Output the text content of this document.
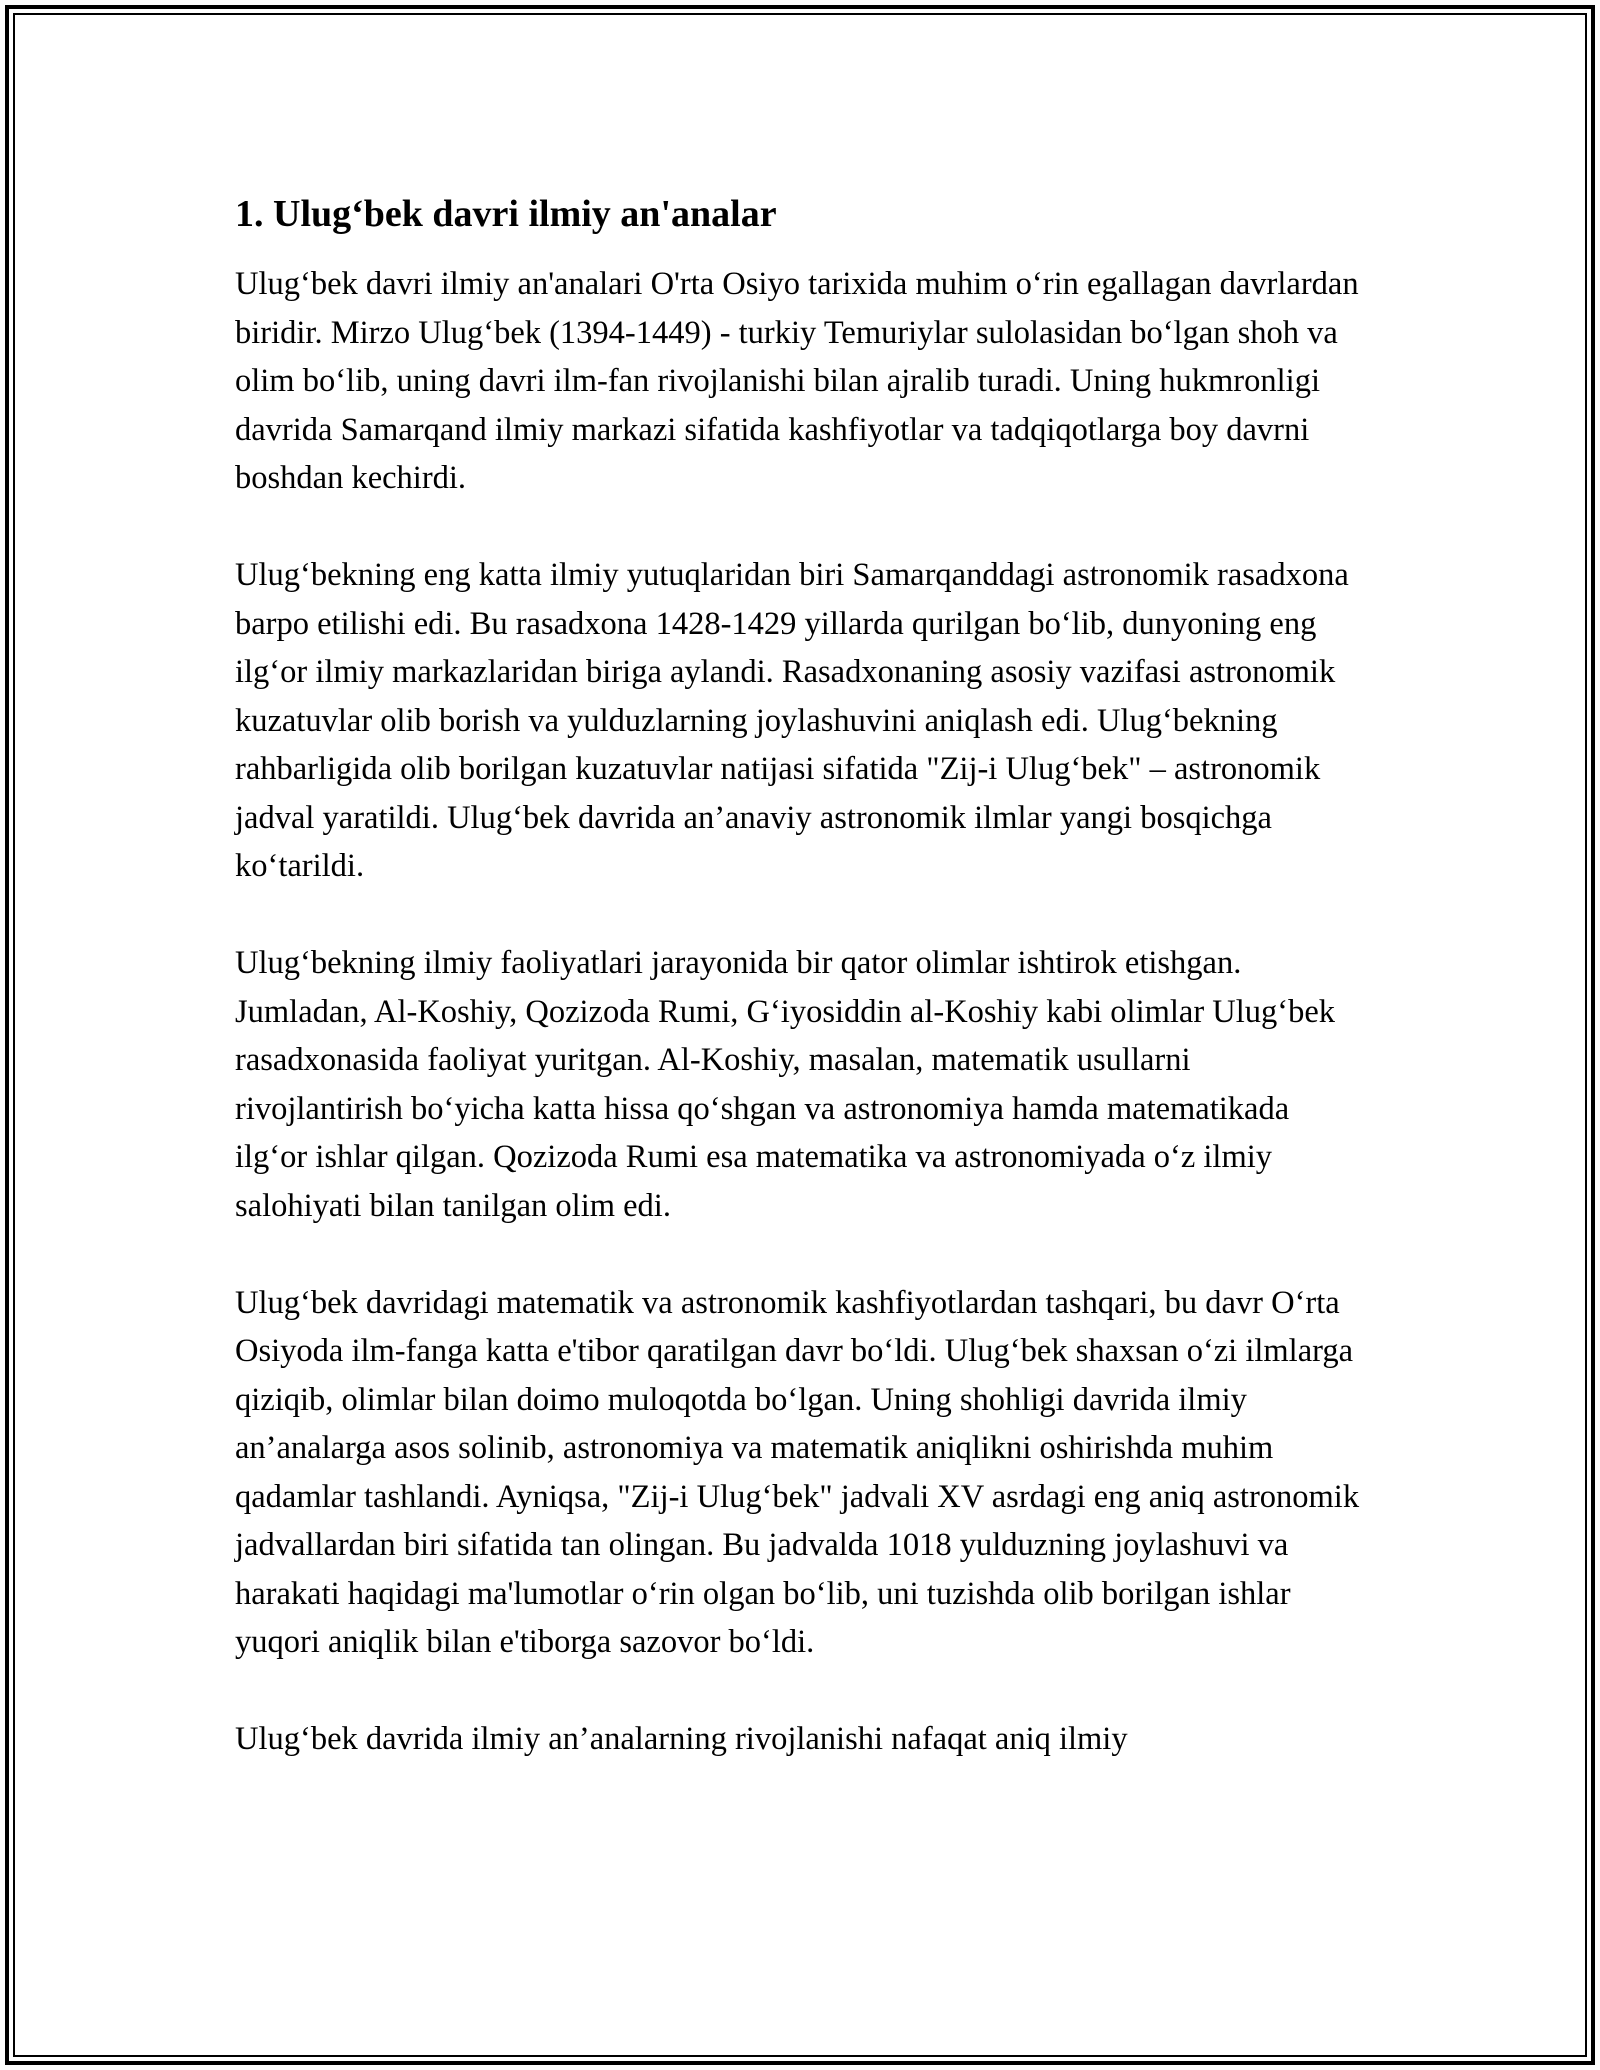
1. Ulug‘bek davri ilmiy an'analar

Ulug‘bek davri ilmiy an'analari O'rta Osiyo tarixida muhim o‘rin egallagan davrlardan biridir. Mirzo Ulug‘bek (1394-1449) - turkiy Temuriylar sulolasidan bo‘lgan shoh va olim bo‘lib, uning davri ilm-fan rivojlanishi bilan ajralib turadi. Uning hukmronligi davrida Samarqand ilmiy markazi sifatida kashfiyotlar va tadqiqotlarga boy davrni boshdan kechirdi.

Ulug‘bekning eng katta ilmiy yutuqlaridan biri Samarqanddagi astronomik rasadxona barpo etilishi edi. Bu rasadxona 1428-1429 yillarda qurilgan bo‘lib, dunyoning eng ilg‘or ilmiy markazlaridan biriga aylandi. Rasadxonaning asosiy vazifasi astronomik kuzatuvlar olib borish va yulduzlarning joylashuvini aniqlash edi. Ulug‘bekning rahbarligida olib borilgan kuzatuvlar natijasi sifatida "Zij-i Ulug‘bek" – astronomik jadval yaratildi. Ulug‘bek davrida an’anaviy astronomik ilmlar yangi bosqichga ko‘tarildi.

Ulug‘bekning ilmiy faoliyatlari jarayonida bir qator olimlar ishtirok etishgan. Jumladan, Al-Koshiy, Qozizoda Rumi, G‘iyosiddin al-Koshiy kabi olimlar Ulug‘bek rasadxonasida faoliyat yuritgan. Al-Koshiy, masalan, matematik usullarni rivojlantirish bo‘yicha katta hissa qo‘shgan va astronomiya hamda matematikada ilg‘or ishlar qilgan. Qozizoda Rumi esa matematika va astronomiyada o‘z ilmiy salohiyati bilan tanilgan olim edi.

Ulug‘bek davridagi matematik va astronomik kashfiyotlardan tashqari, bu davr O‘rta Osiyoda ilm-fanga katta e'tibor qaratilgan davr bo‘ldi. Ulug‘bek shaxsan o‘zi ilmlarga qiziqib, olimlar bilan doimo muloqotda bo‘lgan. Uning shohligi davrida ilmiy an’analarga asos solinib, astronomiya va matematik aniqlikni oshirishda muhim qadamlar tashlandi. Ayniqsa, "Zij-i Ulug‘bek" jadvali XV asrdagi eng aniq astronomik jadvallardan biri sifatida tan olingan. Bu jadvalda 1018 yulduzning joylashuvi va harakati haqidagi ma'lumotlar o‘rin olgan bo‘lib, uni tuzishda olib borilgan ishlar yuqori aniqlik bilan e'tiborga sazovor bo‘ldi.

Ulug‘bek davrida ilmiy an’analarning rivojlanishi nafaqat aniq ilmiy
